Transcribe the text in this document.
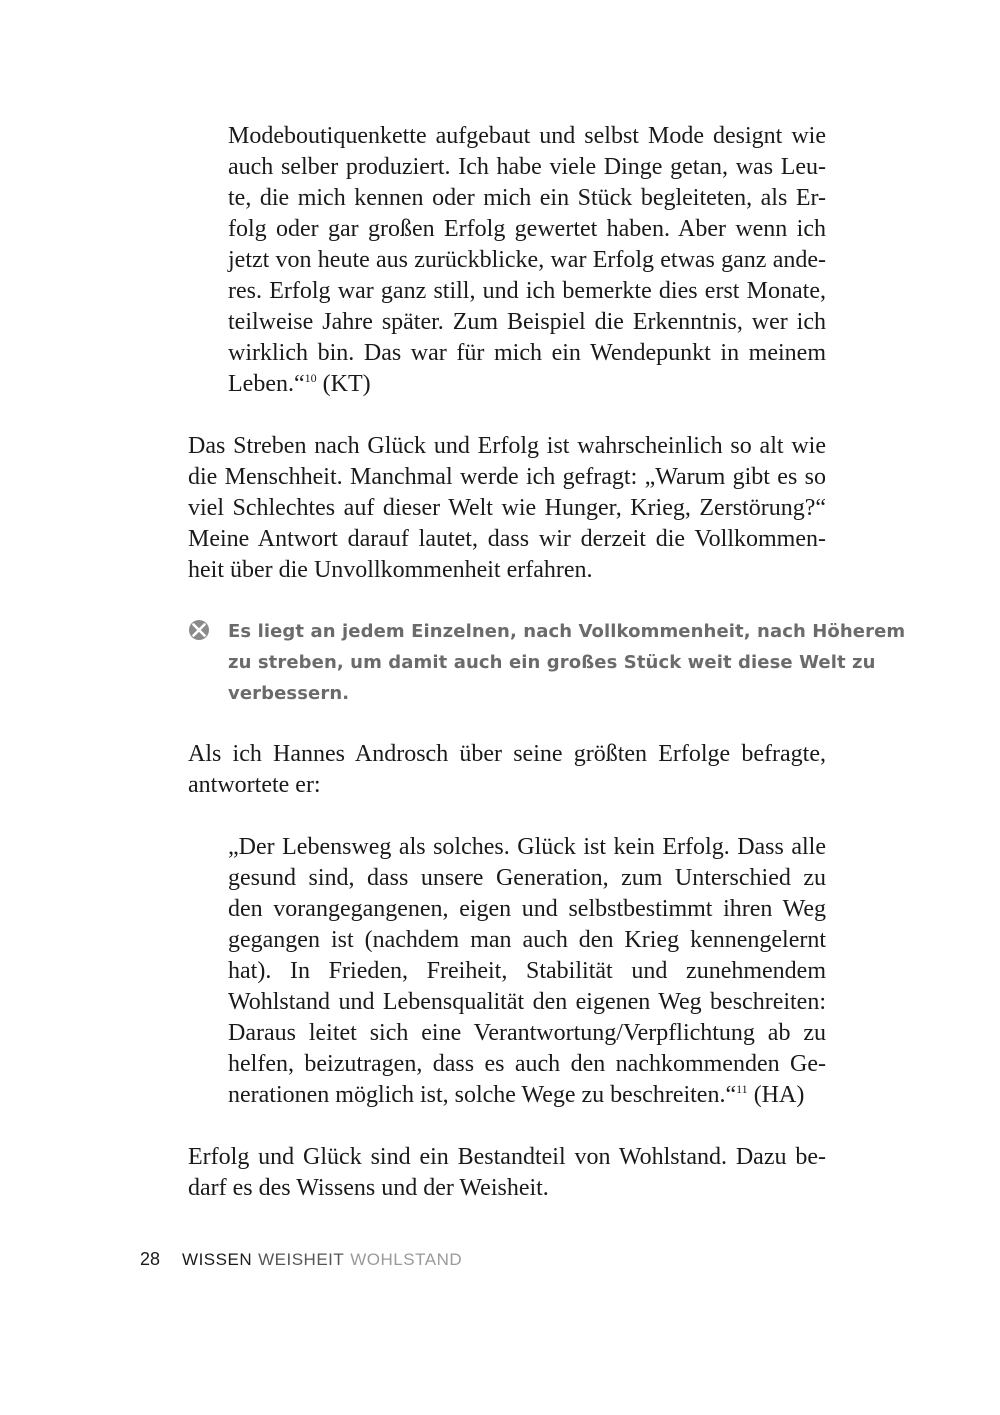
Modeboutiquenkette aufgebaut und selbst Mode designt wie

auch selber produziert. Ich habe viele Dinge getan, was Leu-

te, die mich kennen oder mich ein Stück begleiteten, als Er-

folg oder gar großen Erfolg gewertet haben. Aber wenn ich

jetzt von heute aus zurückblicke, war Erfolg etwas ganz ande-

res. Erfolg war ganz still, und ich bemerkte dies erst Monate,

teilweise Jahre später. Zum Beispiel die Erkenntnis, wer ich

wirklich bin. Das war für mich ein Wendepunkt in meinem

Leben.“$^{10}$ (KT)

Das Streben nach Glück und Erfolg ist wahrscheinlich so alt wie

die Menschheit. Manchmal werde ich gefragt: „Warum gibt es so

viel Schlechtes auf dieser Welt wie Hunger, Krieg, Zerstörung?“

Meine Antwort darauf lautet, dass wir derzeit die Vollkommen-

heit über die Unvollkommenheit erfahren.

Es liegt an jedem Einzelnen, nach Vollkommenheit, nach Höherem
zu streben, um damit auch ein großes Stück weit diese Welt zu
verbessern.

Als ich Hannes Androsch über seine größten Erfolge befragte,

antwortete er:

„Der Lebensweg als solches. Glück ist kein Erfolg. Dass alle

gesund sind, dass unsere Generation, zum Unterschied zu

den vorangegangenen, eigen und selbstbestimmt ihren Weg

gegangen ist (nachdem man auch den Krieg kennengelernt

hat). In Frieden, Freiheit, Stabilität und zunehmendem

Wohlstand und Lebensqualität den eigenen Weg beschreiten:

Daraus leitet sich eine Verantwortung/Verpflichtung ab zu

helfen, beizutragen, dass es auch den nachkommenden Ge-

nerationen möglich ist, solche Wege zu beschreiten.“$^{11}$ (HA)

Erfolg und Glück sind ein Bestandteil von Wohlstand. Dazu be-

darf es des Wissens und der Weisheit.

28 WISSEN WEISHEIT WOHLSTAND
